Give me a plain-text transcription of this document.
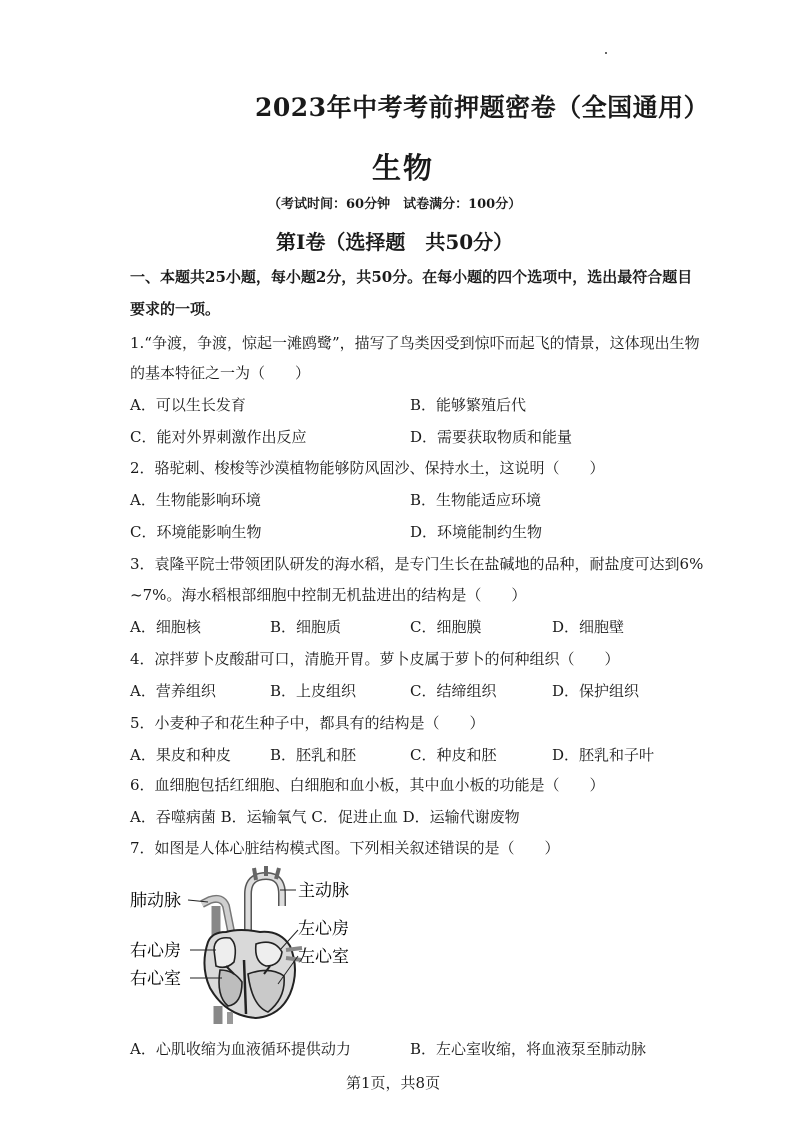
2023年中考考前押题密卷（全国通用）
生物
（考试时间：60分钟　试卷满分：100分）
第Ⅰ卷（选择题　共50分）
一、本题共25小题，每小题2分，共50分。在每小题的四个选项中，选出最符合题目
要求的一项。
1.“争渡，争渡，惊起一滩鸥鹭”，描写了鸟类因受到惊吓而起飞的情景，这体现出生物
的基本特征之一为（　　）
A．可以生长发育	B．能够繁殖后代
C．能对外界刺激作出反应	D．需要获取物质和能量
2．骆驼刺、梭梭等沙漠植物能够防风固沙、保持水土，这说明（　　）
A．生物能影响环境	B．生物能适应环境
C．环境能影响生物	D．环境能制约生物
3．袁隆平院士带领团队研发的海水稻，是专门生长在盐碱地的品种，耐盐度可达到6%
~7%。海水稻根部细胞中控制无机盐进出的结构是（　　）
A．细胞核	B．细胞质	C．细胞膜	D．细胞壁
4．凉拌萝卜皮酸甜可口，清脆开胃。萝卜皮属于萝卜的何种组织（　　）
A．营养组织	B．上皮组织	C．结缔组织	D．保护组织
5．小麦种子和花生种子中，都具有的结构是（　　）
A．果皮和种皮	B．胚乳和胚	C．种皮和胚	D．胚乳和子叶
6．血细胞包括红细胞、白细胞和血小板，其中血小板的功能是（　　）
A．吞噬病菌 B．运输氧气 C．促进止血 D．运输代谢废物
7．如图是人体心脏结构模式图。下列相关叙述错误的是（　　）
肺动脉	主动脉
左心房
左心室
右心房
右心室
A．心肌收缩为血液循环提供动力	B．左心室收缩，将血液泵至肺动脉
第1页，共8页
